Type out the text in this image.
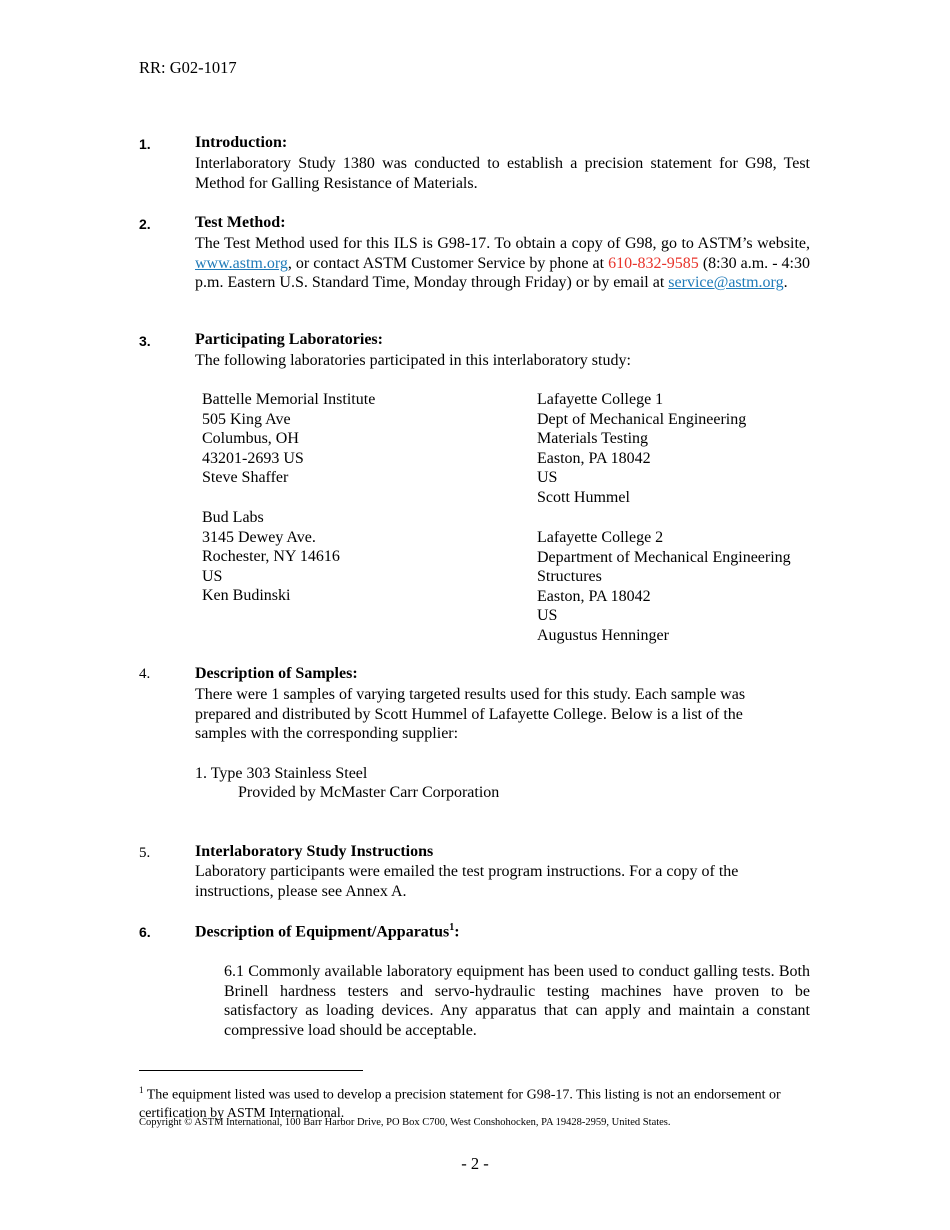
RR: G02-1017
1.	Introduction:
Interlaboratory Study 1380 was conducted to establish a precision statement for G98, Test Method for Galling Resistance of Materials.
2.	Test Method:
The Test Method used for this ILS is G98-17. To obtain a copy of G98, go to ASTM’s website, www.astm.org, or contact ASTM Customer Service by phone at 610-832-9585 (8:30 a.m. - 4:30 p.m. Eastern U.S. Standard Time, Monday through Friday) or by email at service@astm.org.
3.	Participating Laboratories:
The following laboratories participated in this interlaboratory study:
Battelle Memorial Institute
505 King Ave
Columbus, OH
43201-2693 US
Steve Shaffer
Lafayette College 1
Dept of Mechanical Engineering
Materials Testing
Easton, PA 18042
US
Scott Hummel
Bud Labs
3145 Dewey Ave.
Rochester, NY 14616
US
Ken Budinski
Lafayette College 2
Department of Mechanical Engineering
Structures
Easton, PA 18042
US
Augustus Henninger
4.	Description of Samples:
There were 1 samples of varying targeted results used for this study. Each sample was prepared and distributed by Scott Hummel of Lafayette College. Below is a list of the samples with the corresponding supplier:
1. Type 303 Stainless Steel
Provided by McMaster Carr Corporation
5.	Interlaboratory Study Instructions
Laboratory participants were emailed the test program instructions. For a copy of the instructions, please see Annex A.
6.	Description of Equipment/Apparatus$^1$:
6.1 Commonly available laboratory equipment has been used to conduct galling tests. Both Brinell hardness testers and servo-hydraulic testing machines have proven to be satisfactory as loading devices. Any apparatus that can apply and maintain a constant compressive load should be acceptable.
$^1$ The equipment listed was used to develop a precision statement for G98-17. This listing is not an endorsement or certification by ASTM International.
Copyright © ASTM International, 100 Barr Harbor Drive, PO Box C700, West Conshohocken, PA 19428-2959, United States.
- 2 -
